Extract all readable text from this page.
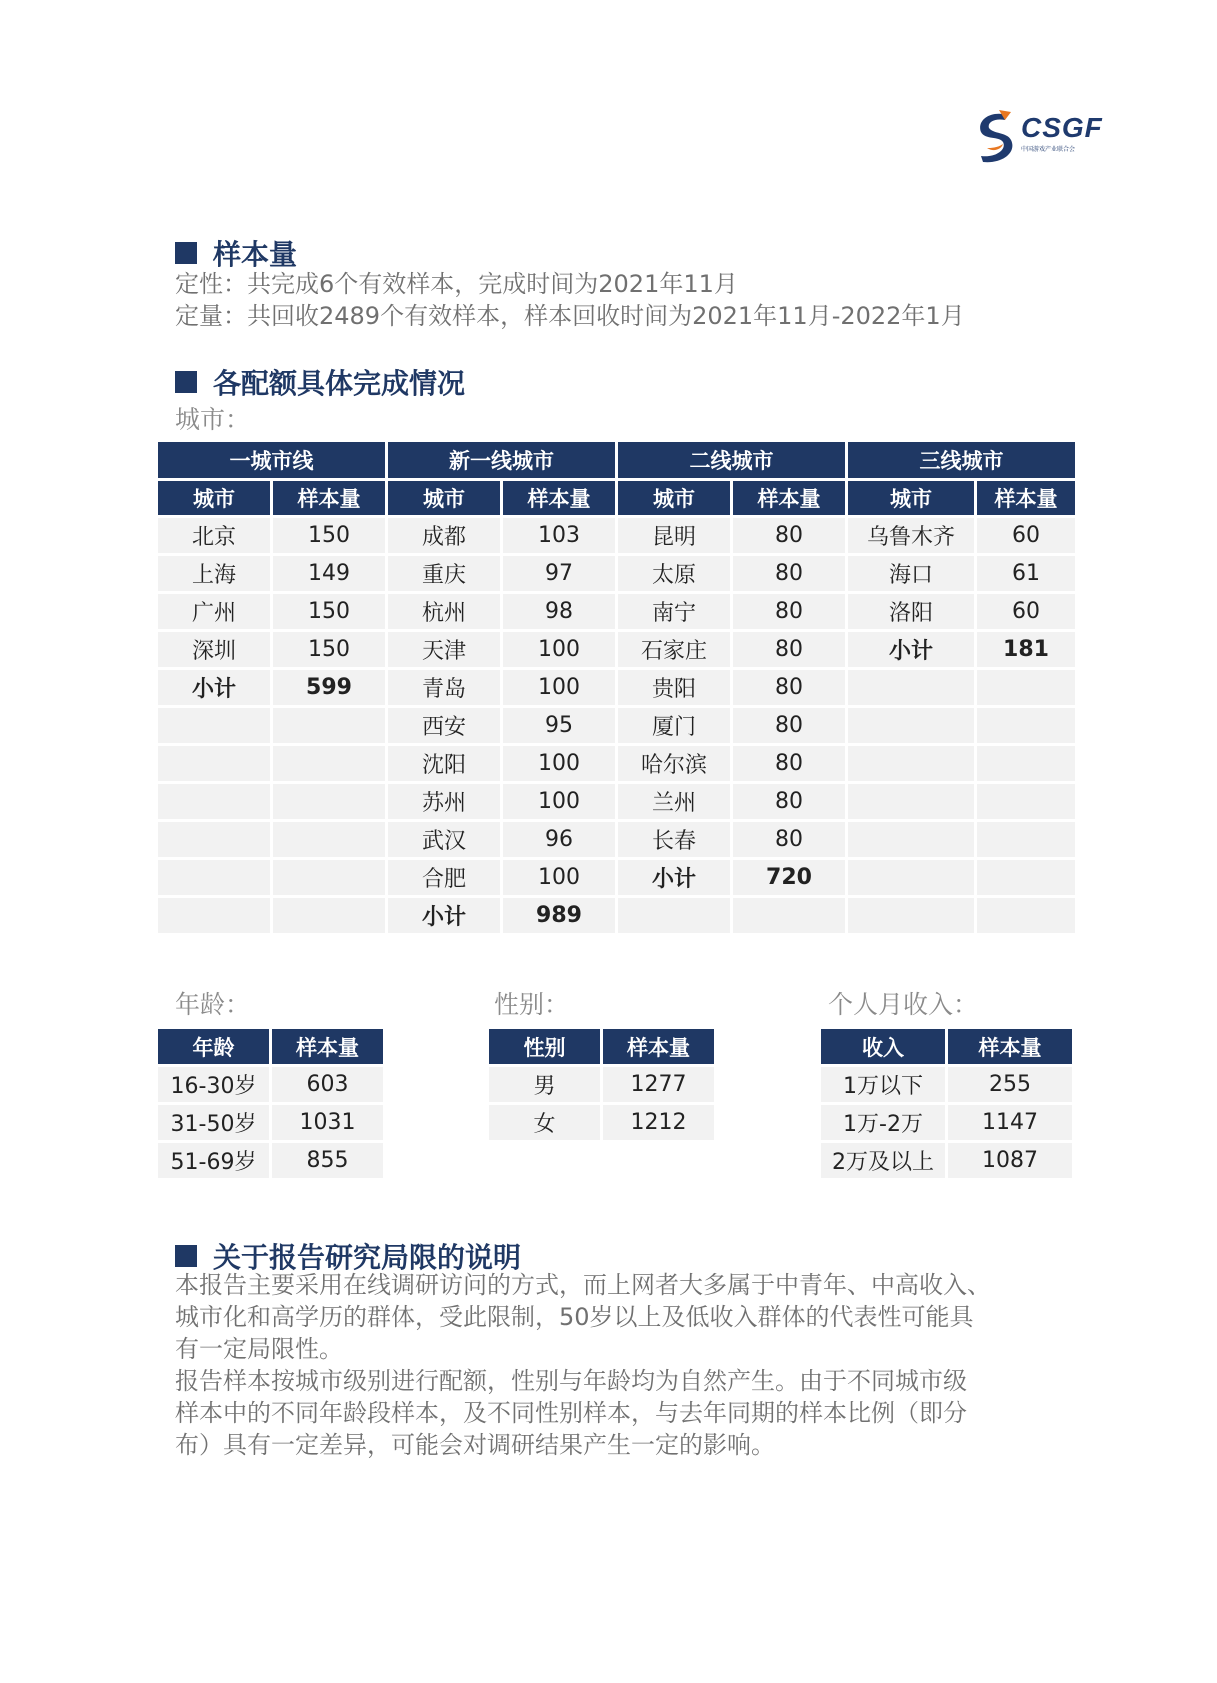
CSGF
中国游戏产业联合会
样本量
定性：共完成6个有效样本，完成时间为2021年11月
定量：共回收2489个有效样本，样本回收时间为2021年11月-2022年1月
各配额具体完成情况
城市：
一城市线		新一线城市		二线城市		三线城市	
城市	样本量	城市	样本量	城市	样本量	城市	样本量
北京	150	成都	103	昆明	80	乌鲁木齐	60
上海	149	重庆	97	太原	80	海口	61
广州	150	杭州	98	南宁	80	洛阳	60
深圳	150	天津	100	石家庄	80	小计	181
小计	599	青岛	100	贵阳	80		
		西安	95	厦门	80		
		沈阳	100	哈尔滨	80		
		苏州	100	兰州	80		
		武汉	96	长春	80		
		合肥	100	小计	720		
		小计	989				
年龄：	性别：	个人月收入：
年龄	样本量
16-30岁	603
31-50岁	1031
51-69岁	855
性别	样本量
男	1277
女	1212
收入	样本量
1万以下	255
1万-2万	1147
2万及以上	1087
关于报告研究局限的说明
本报告主要采用在线调研访问的方式，而上网者大多属于中青年、中高收入、
城市化和高学历的群体，受此限制，50岁以上及低收入群体的代表性可能具
有一定局限性。
报告样本按城市级别进行配额，性别与年龄均为自然产生。由于不同城市级
样本中的不同年龄段样本，及不同性别样本，与去年同期的样本比例（即分
布）具有一定差异，可能会对调研结果产生一定的影响。
